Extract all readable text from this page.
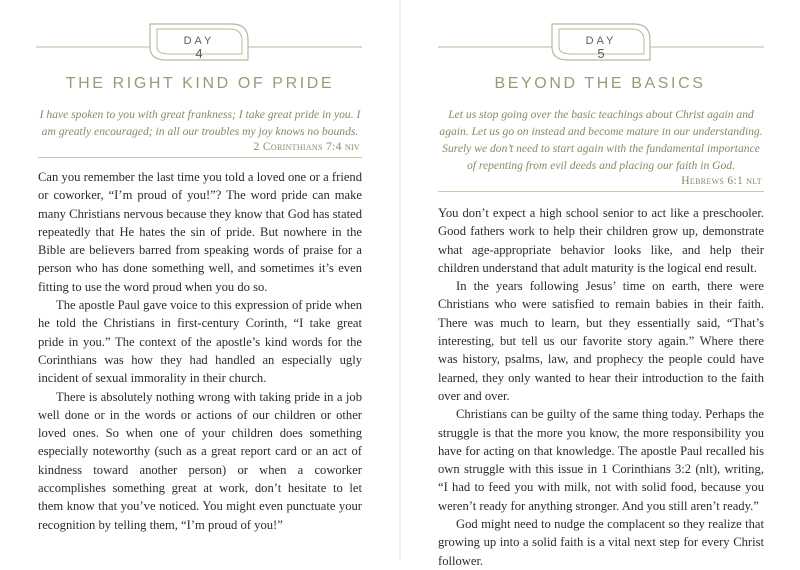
DAY
4
THE RIGHT KIND OF PRIDE
I have spoken to you with great frankness; I take great pride in you. I am greatly encouraged; in all our troubles my joy knows no bounds.
2 Corinthians 7:4 niv

Can you remember the last time you told a loved one or a friend or coworker, “I’m proud of you!”? The word pride can make many Christians nervous because they know that God has stated repeatedly that He hates the sin of pride. But nowhere in the Bible are believers barred from speaking words of praise for a person who has done something well, and sometimes it’s even fitting to use the word proud when you do so.

The apostle Paul gave voice to this expression of pride when he told the Christians in first-century Corinth, “I take great pride in you.” The context of the apostle’s kind words for the Corinthians was how they had handled an especially ugly incident of sexual immorality in their church.

There is absolutely nothing wrong with taking pride in a job well done or in the words or actions of our children or other loved ones. So when one of your children does something especially noteworthy (such as a great report card or an act of kindness toward another person) or when a coworker accomplishes something great at work, don’t hesitate to let them know that you’ve noticed. You might even punctuate your recognition by telling them, “I’m proud of you!”

DAY
5
BEYOND THE BASICS
Let us stop going over the basic teachings about Christ again and again. Let us go on instead and become mature in our understanding. Surely we don’t need to start again with the fundamental importance of repenting from evil deeds and placing our faith in God.
Hebrews 6:1 nlt

You don’t expect a high school senior to act like a preschooler. Good fathers work to help their children grow up, demonstrate what age-appropriate behavior looks like, and help their children understand that adult maturity is the logical end result.

In the years following Jesus’ time on earth, there were Christians who were satisfied to remain babies in their faith. There was much to learn, but they essentially said, “That’s interesting, but tell us our favorite story again.” Where there was history, psalms, law, and prophecy the people could have learned, they only wanted to hear their introduction to the faith over and over.

Christians can be guilty of the same thing today. Perhaps the struggle is that the more you know, the more responsibility you have for acting on that knowledge. The apostle Paul recalled his own struggle with this issue in 1 Corinthians 3:2 (nlt), writing, “I had to feed you with milk, not with solid food, because you weren’t ready for anything stronger. And you still aren’t ready.”

God might need to nudge the complacent so they realize that growing up into a solid faith is a vital next step for every Christ follower.
